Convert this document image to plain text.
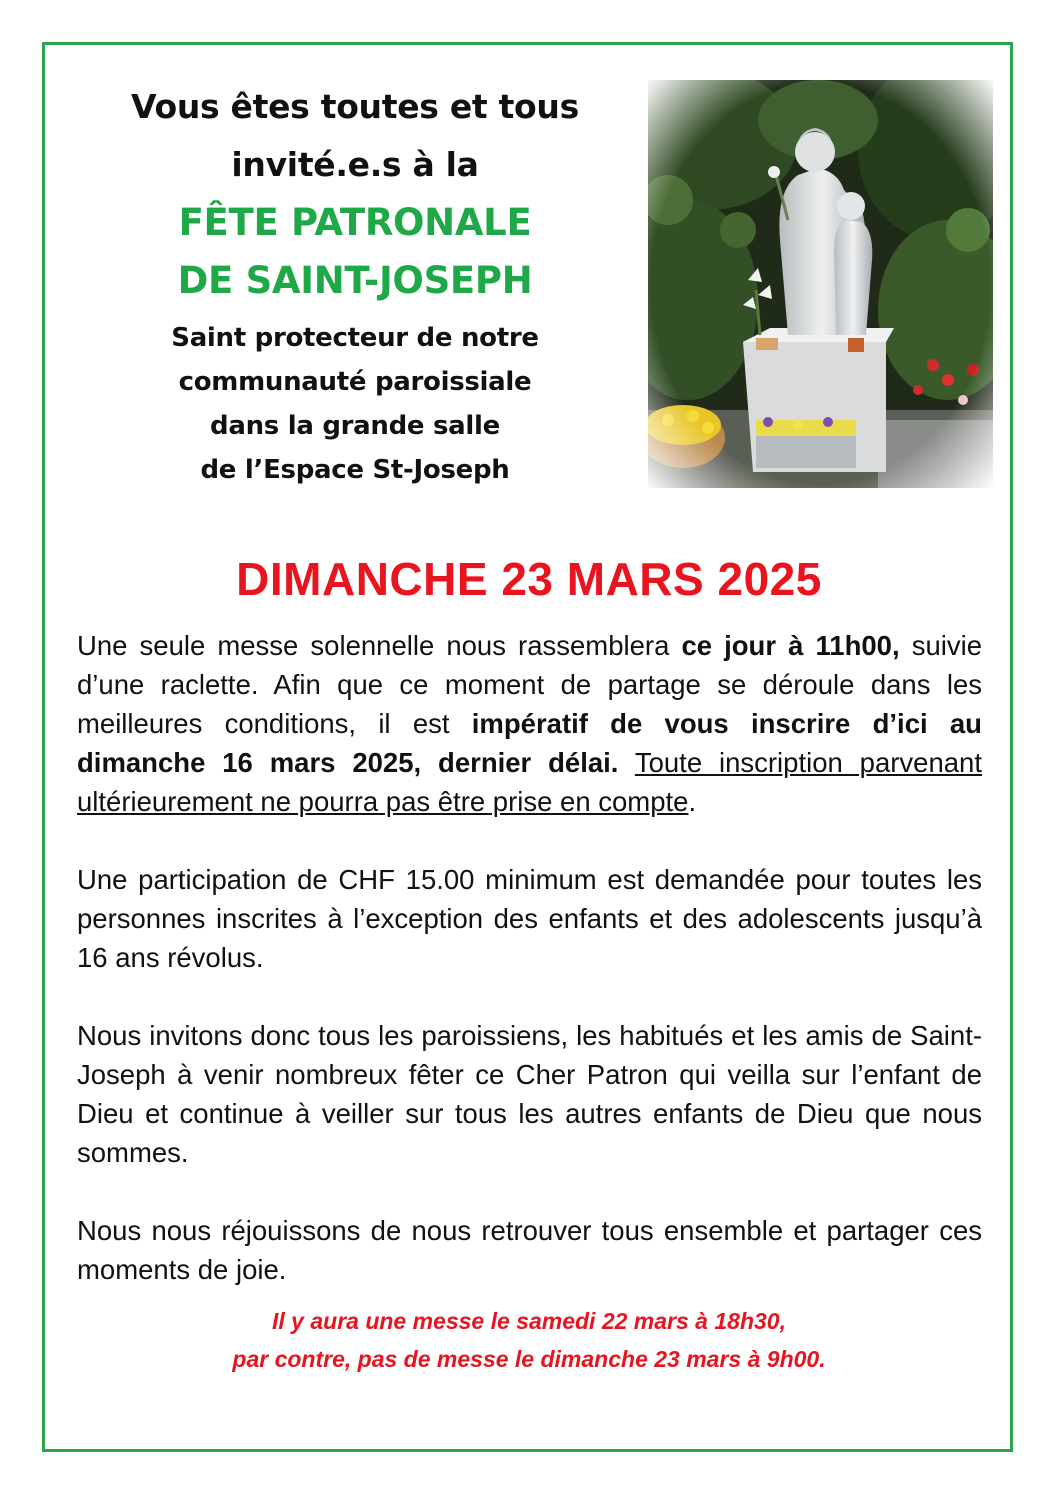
Vous êtes toutes et tous
invité.e.s à la
FÊTE PATRONALE
DE SAINT-JOSEPH
Saint protecteur de notre
communauté paroissiale
dans la grande salle
de l’Espace St-Joseph
DIMANCHE 23 MARS 2025

Une seule messe solennelle nous rassemblera ce jour à 11h00, suivie d’une raclette. Afin que ce moment de partage se déroule dans les meilleures conditions, il est impératif de vous inscrire d’ici au dimanche 16 mars 2025, dernier délai. Toute inscription parvenant ultérieurement ne pourra pas être prise en compte.

Une participation de CHF 15.00 minimum est demandée pour toutes les personnes inscrites à l’exception des enfants et des adolescents jusqu’à 16 ans révolus.

Nous invitons donc tous les paroissiens, les habitués et les amis de Saint-Joseph à venir nombreux fêter ce Cher Patron qui veilla sur l’enfant de Dieu et continue à veiller sur tous les autres enfants de Dieu que nous sommes.

Nous nous réjouissons de nous retrouver tous ensemble et partager ces moments de joie.

Il y aura une messe le samedi 22 mars à 18h30,
par contre, pas de messe le dimanche 23 mars à 9h00.
